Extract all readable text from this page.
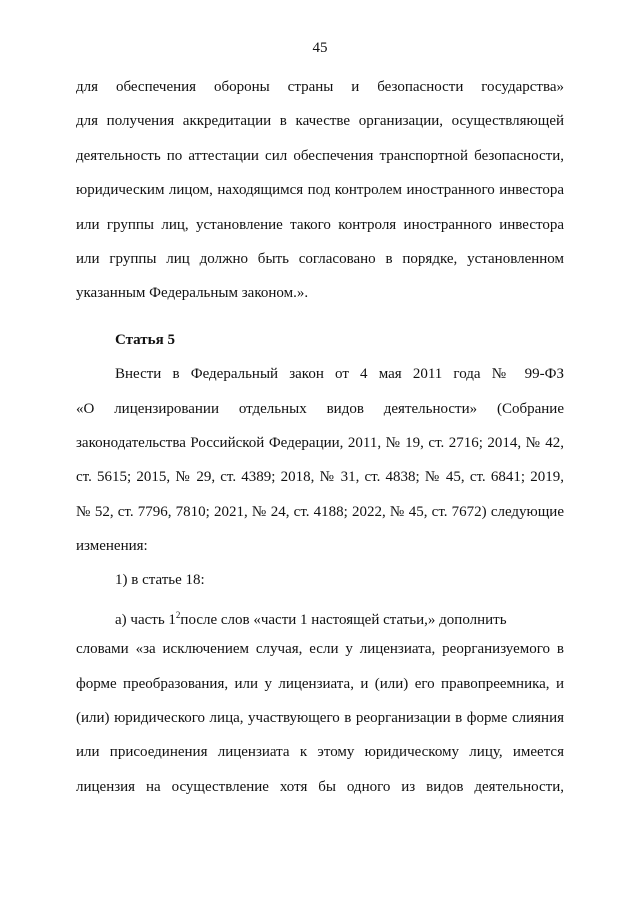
45
для обеспечения обороны страны и безопасности государства»
для получения аккредитации в качестве организации, осуществляющей
деятельность по аттестации сил обеспечения транспортной безопасности,
юридическим лицом, находящимся под контролем иностранного инвестора
или группы лиц, установление такого контроля иностранного инвестора
или группы лиц должно быть согласовано в порядке, установленном
указанным Федеральным законом.».
Статья 5
Внести в Федеральный закон от 4 мая 2011 года № 99-ФЗ
«О лицензировании отдельных видов деятельности» (Собрание
законодательства Российской Федерации, 2011, № 19, ст. 2716; 2014, № 42,
ст. 5615; 2015, № 29, ст. 4389; 2018, № 31, ст. 4838; № 45, ст. 6841; 2019,
№ 52, ст. 7796, 7810; 2021, № 24, ст. 4188; 2022, № 45, ст. 7672) следующие
изменения:
1) в статье 18:
а) часть $1^2после$ слов «части 1 настоящей статьи,» дополнить
словами «за исключением случая, если у лицензиата, реорганизуемого в
форме преобразования, или у лицензиата, и (или) его правопреемника, и
(или) юридического лица, участвующего в реорганизации в форме слияния
или присоединения лицензиата к этому юридическому лицу, имеется
лицензия на осуществление хотя бы одного из видов деятельности,
